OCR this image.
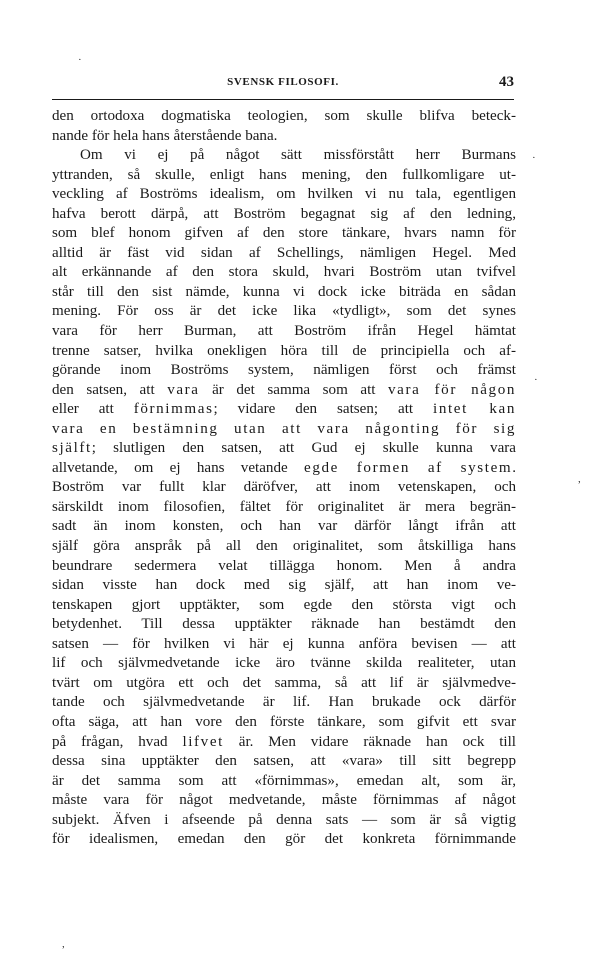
SVENSK FILOSOFI.	43
den ortodoxa dogmatiska teologien, som skulle blifva beteck-
nande för hela hans återstående bana.
Om vi ej på något sätt missförstått herr Burmans
yttranden, så skulle, enligt hans mening, den fullkomligare ut-
veckling af Boströms idealism, om hvilken vi nu tala, egentligen
hafva berott därpå, att Boström begagnat sig af den ledning,
som blef honom gifven af den store tänkare, hvars namn för
alltid är fäst vid sidan af Schellings, nämligen Hegel. Med
alt erkännande af den stora skuld, hvari Boström utan tvifvel
står till den sist nämde, kunna vi dock icke biträda en sådan
mening. För oss är det icke lika «tydligt», som det synes
vara för herr Burman, att Boström ifrån Hegel hämtat
trenne satser, hvilka onekligen höra till de principiella och af-
görande inom Boströms system, nämligen först och främst
den satsen, att vara är det samma som att vara för någon
eller att förnimmas; vidare den satsen; att intet kan
vara en bestämning utan att vara någonting för sig
själft; slutligen den satsen, att Gud ej skulle kunna vara
allvetande, om ej hans vetande egde formen af system.
Boström var fullt klar däröfver, att inom vetenskapen, och
särskildt inom filosofien, fältet för originalitet är mera begrän-
sadt än inom konsten, och han var därför långt ifrån att
själf göra anspråk på all den originalitet, som åtskilliga hans
beundrare sedermera velat tillägga honom. Men å andra
sidan visste han dock med sig själf, att han inom ve-
tenskapen gjort upptäkter, som egde den största vigt och
betydenhet. Till dessa upptäkter räknade han bestämdt den
satsen — för hvilken vi här ej kunna anföra bevisen — att
lif och självmedvetande icke äro tvänne skilda realiteter, utan
tvärt om utgöra ett och det samma, så att lif är självmedve-
tande och självmedvetande är lif. Han brukade ock därför
ofta säga, att han vore den förste tänkare, som gifvit ett svar
på frågan, hvad lifvet är. Men vidare räknade han ock till
dessa sina upptäkter den satsen, att «vara» till sitt begrepp
är det samma som att «förnimmas», emedan alt, som är,
måste vara för något medvetande, måste förnimmas af något
subjekt. Äfven i afseende på denna sats — som är så vigtig
för idealismen, emedan den gör det konkreta förnimmande
·
·
·
,
,
